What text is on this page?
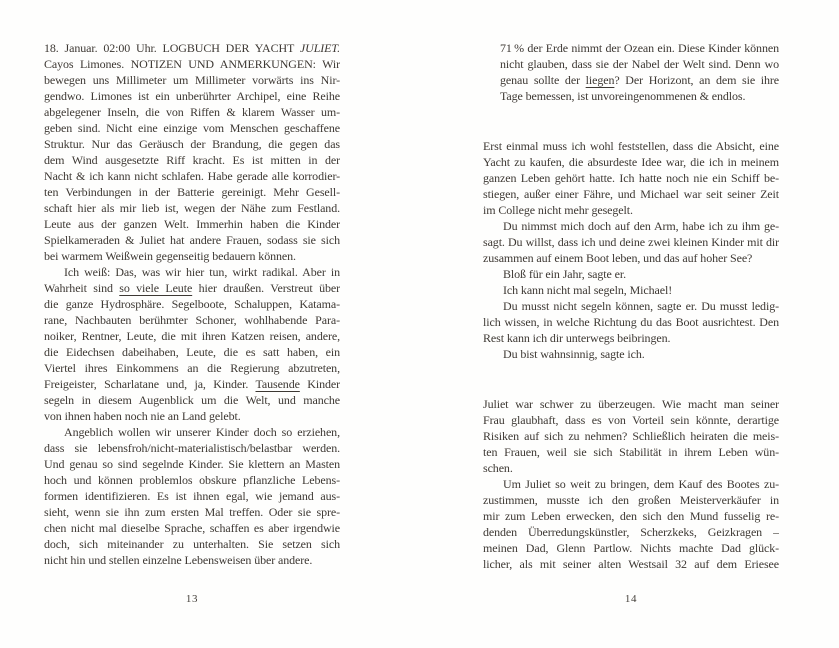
18. Januar. 02:00 Uhr. LOGBUCH DER YACHT JULIET.
Cayos Limones. NOTIZEN UND ANMERKUNGEN: Wir
bewegen uns Millimeter um Millimeter vorwärts ins Nir-
gendwo. Limones ist ein unberührter Archipel, eine Reihe
abgelegener Inseln, die von Riffen & klarem Wasser um-
geben sind. Nicht eine einzige vom Menschen geschaffene
Struktur. Nur das Geräusch der Brandung, die gegen das
dem Wind ausgesetzte Riff kracht. Es ist mitten in der
Nacht & ich kann nicht schlafen. Habe gerade alle korrodier-
ten Verbindungen in der Batterie gereinigt. Mehr Gesell-
schaft hier als mir lieb ist, wegen der Nähe zum Festland.
Leute aus der ganzen Welt. Immerhin haben die Kinder
Spielkameraden & Juliet hat andere Frauen, sodass sie sich
bei warmem Weißwein gegenseitig bedauern können.
Ich weiß: Das, was wir hier tun, wirkt radikal. Aber in
Wahrheit sind so viele Leute hier draußen. Verstreut über
die ganze Hydrosphäre. Segelboote, Schaluppen, Katama-
rane, Nachbauten berühmter Schoner, wohlhabende Para-
noiker, Rentner, Leute, die mit ihren Katzen reisen, andere,
die Eidechsen dabeihaben, Leute, die es satt haben, ein
Viertel ihres Einkommens an die Regierung abzutreten,
Freigeister, Scharlatane und, ja, Kinder. Tausende Kinder
segeln in diesem Augenblick um die Welt, und manche
von ihnen haben noch nie an Land gelebt.
Angeblich wollen wir unserer Kinder doch so erziehen,
dass sie lebensfroh/nicht-materialistisch/belastbar werden.
Und genau so sind segelnde Kinder. Sie klettern an Masten
hoch und können problemlos obskure pflanzliche Lebens-
formen identifizieren. Es ist ihnen egal, wie jemand aus-
sieht, wenn sie ihn zum ersten Mal treffen. Oder sie spre-
chen nicht mal dieselbe Sprache, schaffen es aber irgendwie
doch, sich miteinander zu unterhalten. Sie setzen sich
nicht hin und stellen einzelne Lebensweisen über andere.
71 % der Erde nimmt der Ozean ein. Diese Kinder können
nicht glauben, dass sie der Nabel der Welt sind. Denn wo
genau sollte der liegen? Der Horizont, an dem sie ihre
Tage bemessen, ist unvoreingenommenen & endlos.
Erst einmal muss ich wohl feststellen, dass die Absicht, eine
Yacht zu kaufen, die absurdeste Idee war, die ich in meinem
ganzen Leben gehört hatte. Ich hatte noch nie ein Schiff be-
stiegen, außer einer Fähre, und Michael war seit seiner Zeit
im College nicht mehr gesegelt.
Du nimmst mich doch auf den Arm, habe ich zu ihm ge-
sagt. Du willst, dass ich und deine zwei kleinen Kinder mit dir
zusammen auf einem Boot leben, und das auf hoher See?
Bloß für ein Jahr, sagte er.
Ich kann nicht mal segeln, Michael!
Du musst nicht segeln können, sagte er. Du musst ledig-
lich wissen, in welche Richtung du das Boot ausrichtest. Den
Rest kann ich dir unterwegs beibringen.
Du bist wahnsinnig, sagte ich.
Juliet war schwer zu überzeugen. Wie macht man seiner
Frau glaubhaft, dass es von Vorteil sein könnte, derartige
Risiken auf sich zu nehmen? Schließlich heiraten die meis-
ten Frauen, weil sie sich Stabilität in ihrem Leben wün-
schen.
Um Juliet so weit zu bringen, dem Kauf des Bootes zu-
zustimmen, musste ich den großen Meisterverkäufer in
mir zum Leben erwecken, den sich den Mund fusselig re-
denden Überredungskünstler, Scherzkeks, Geizkragen –
meinen Dad, Glenn Partlow. Nichts machte Dad glück-
licher, als mit seiner alten Westsail 32 auf dem Eriesee
13	14
